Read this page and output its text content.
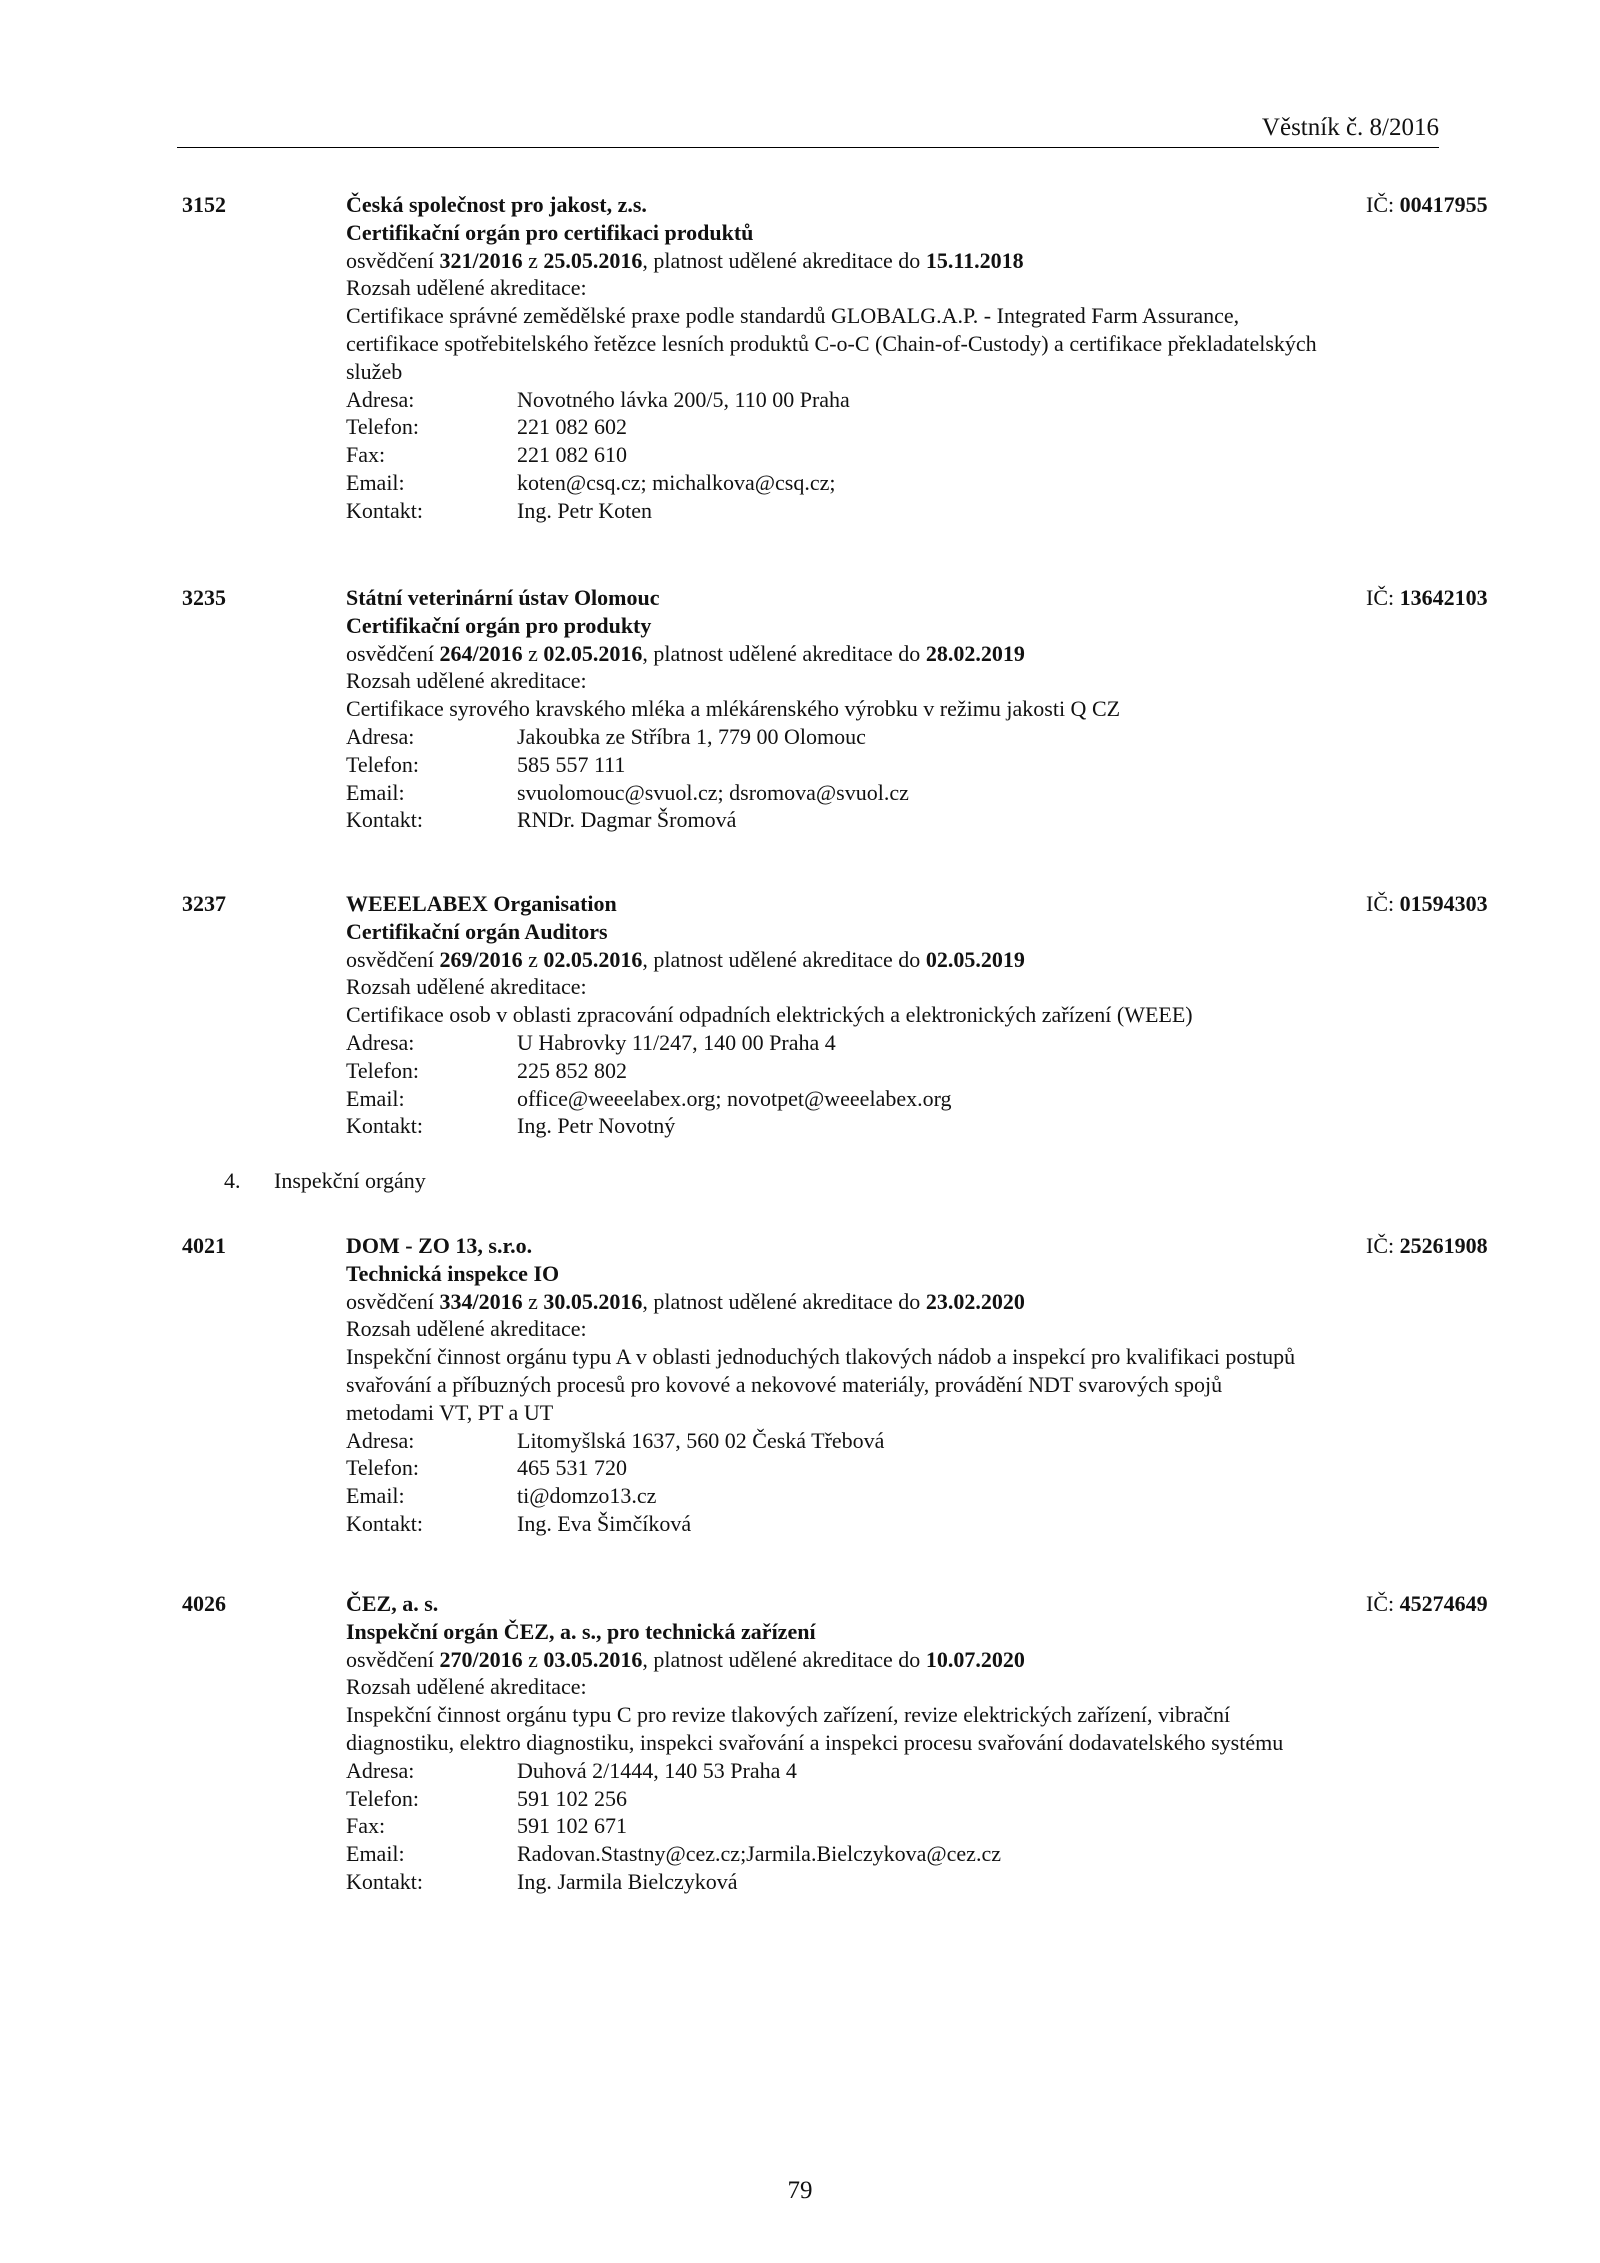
Věstník č. 8/2016
3152	Česká společnost pro jakost, z.s.	IČ: 00417955
Certifikační orgán pro certifikaci produktů
osvědčení 321/2016 z 25.05.2016, platnost udělené akreditace do 15.11.2018
Rozsah udělené akreditace:
Certifikace správné zemědělské praxe podle standardů GLOBALG.A.P. - Integrated Farm Assurance,
certifikace spotřebitelského řetězce lesních produktů C-o-C (Chain-of-Custody) a certifikace překladatelských
služeb
Adresa:	Novotného lávka 200/5, 110 00 Praha
Telefon:	221 082 602
Fax:	221 082 610
Email:	koten@csq.cz; michalkova@csq.cz;
Kontakt:	Ing. Petr Koten
3235	Státní veterinární ústav Olomouc	IČ: 13642103
Certifikační orgán pro produkty
osvědčení 264/2016 z 02.05.2016, platnost udělené akreditace do 28.02.2019
Rozsah udělené akreditace:
Certifikace syrového kravského mléka a mlékárenského výrobku v režimu jakosti Q CZ
Adresa:	Jakoubka ze Stříbra 1, 779 00 Olomouc
Telefon:	585 557 111
Email:	svuolomouc@svuol.cz; dsromova@svuol.cz
Kontakt:	RNDr. Dagmar Šromová
3237	WEEELABEX Organisation	IČ: 01594303
Certifikační orgán Auditors
osvědčení 269/2016 z 02.05.2016, platnost udělené akreditace do 02.05.2019
Rozsah udělené akreditace:
Certifikace osob v oblasti zpracování odpadních elektrických a elektronických zařízení (WEEE)
Adresa:	U Habrovky 11/247, 140 00 Praha 4
Telefon:	225 852 802
Email:	office@weeelabex.org; novotpet@weeelabex.org
Kontakt:	Ing. Petr Novotný
4021	DOM - ZO 13, s.r.o.	IČ: 25261908
Technická inspekce IO
osvědčení 334/2016 z 30.05.2016, platnost udělené akreditace do 23.02.2020
Rozsah udělené akreditace:
Inspekční činnost orgánu typu A v oblasti jednoduchých tlakových nádob a inspekcí pro kvalifikaci postupů
svařování a příbuzných procesů pro kovové a nekovové materiály, provádění NDT svarových spojů
metodami VT, PT a UT
Adresa:	Litomyšlská 1637, 560 02 Česká Třebová
Telefon:	465 531 720
Email:	ti@domzo13.cz
Kontakt:	Ing. Eva Šimčíková
4026	ČEZ, a. s.	IČ: 45274649
Inspekční orgán ČEZ, a. s., pro technická zařízení
osvědčení 270/2016 z 03.05.2016, platnost udělené akreditace do 10.07.2020
Rozsah udělené akreditace:
Inspekční činnost orgánu typu C pro revize tlakových zařízení, revize elektrických zařízení, vibrační
diagnostiku, elektro diagnostiku, inspekci svařování a inspekci procesu svařování dodavatelského systému
Adresa:	Duhová 2/1444, 140 53 Praha 4
Telefon:	591 102 256
Fax:	591 102 671
Email:	Radovan.Stastny@cez.cz;Jarmila.Bielczykova@cez.cz
Kontakt:	Ing. Jarmila Bielczyková
4. Inspekční orgány
79
